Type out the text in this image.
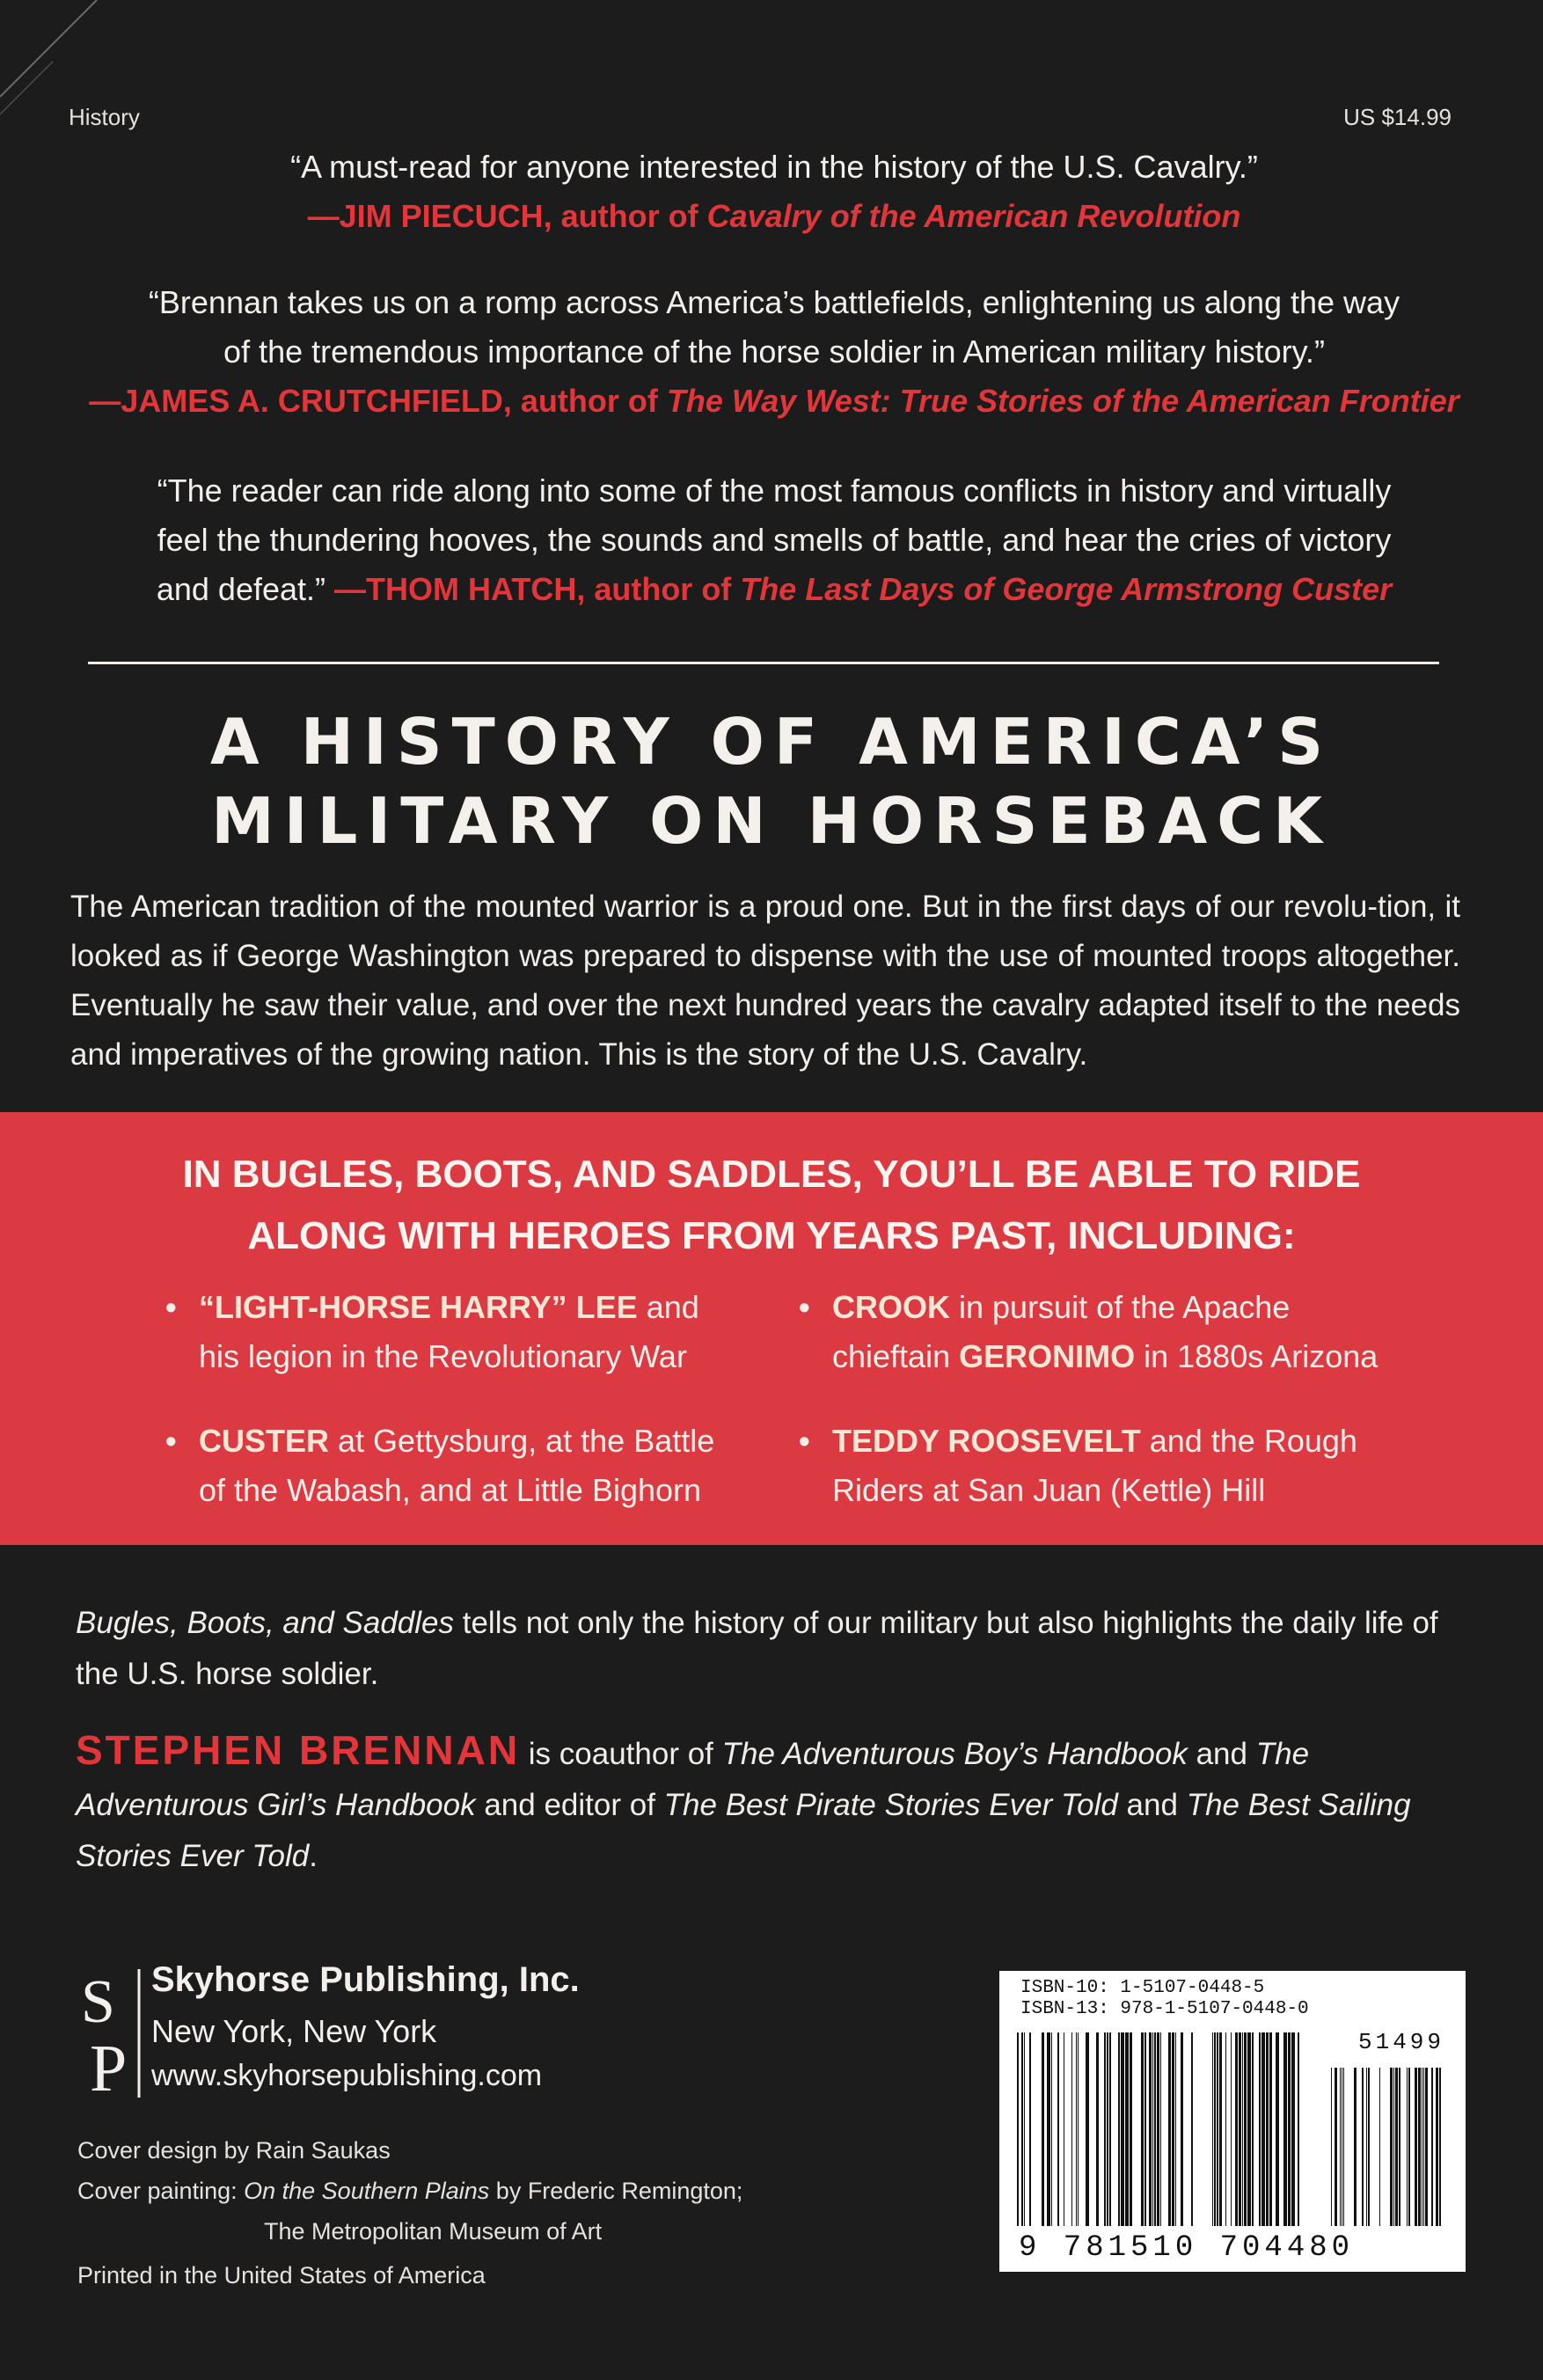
History	US $14.99
“A must-read for anyone interested in the history of the U.S. Cavalry.”
—JIM PIECUCH, author of Cavalry of the American Revolution
“Brennan takes us on a romp across America’s battlefields, enlightening us along the way
of the tremendous importance of the horse soldier in American military history.”
—JAMES A. CRUTCHFIELD, author of The Way West: True Stories of the American Frontier
“The reader can ride along into some of the most famous conflicts in history and virtually
feel the thundering hooves, the sounds and smells of battle, and hear the cries of victory
and defeat.” —THOM HATCH, author of The Last Days of George Armstrong Custer
A HISTORY OF AMERICA’S
MILITARY ON HORSEBACK
The American tradition of the mounted warrior is a proud one. But in the first days of our revolu-tion, it looked as if George Washington was prepared to dispense with the use of mounted troops altogether. Eventually he saw their value, and over the next hundred years the cavalry adapted itself to the needs and imperatives of the growing nation. This is the story of the U.S. Cavalry.
IN BUGLES, BOOTS, AND SADDLES, YOU’LL BE ABLE TO RIDE
ALONG WITH HEROES FROM YEARS PAST, INCLUDING:
• “LIGHT-HORSE HARRY” LEE and
his legion in the Revolutionary War
• CROOK in pursuit of the Apache
chieftain GERONIMO in 1880s Arizona
• CUSTER at Gettysburg, at the Battle
of the Wabash, and at Little Bighorn
• TEDDY ROOSEVELT and the Rough
Riders at San Juan (Kettle) Hill
Bugles, Boots, and Saddles tells not only the history of our military but also highlights the daily life of the U.S. horse soldier.
STEPHEN BRENNAN is coauthor of The Adventurous Boy’s Handbook and The Adventurous Girl’s Handbook and editor of The Best Pirate Stories Ever Told and The Best Sailing Stories Ever Told.
S
P
Skyhorse Publishing, Inc.
New York, New York
www.skyhorsepublishing.com
Cover design by Rain Saukas
Cover painting: On the Southern Plains by Frederic Remington;
The Metropolitan Museum of Art
Printed in the United States of America
ISBN-10: 1-5107-0448-5
ISBN-13: 978-1-5107-0448-0
51499
9 781510 704480
